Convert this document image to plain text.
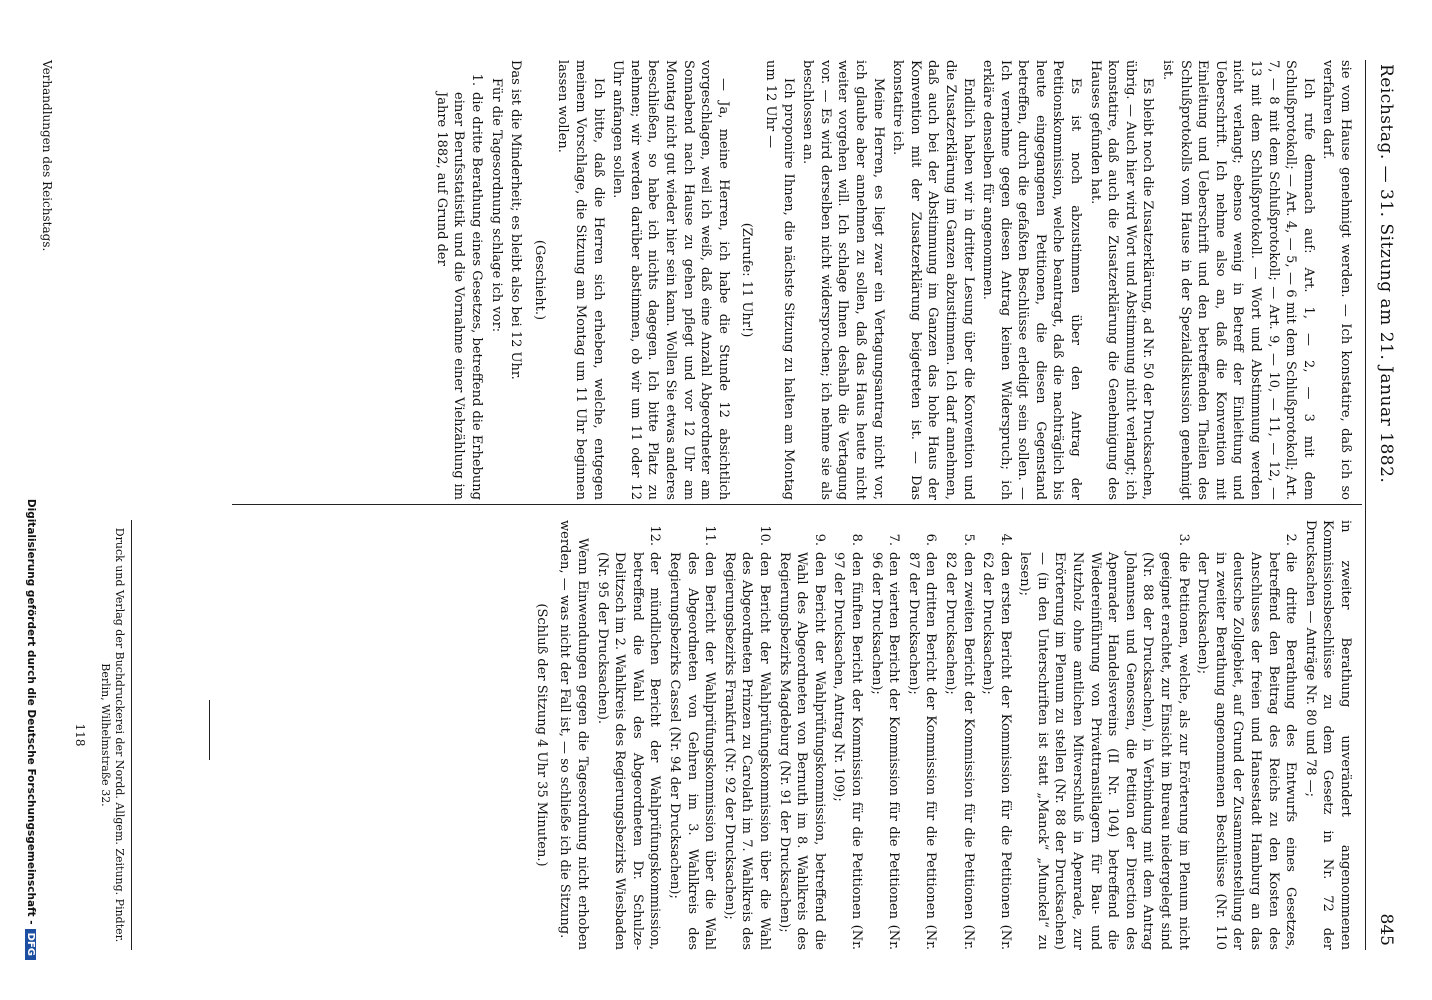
Reichstag. — 31. Sitzung am 21. Januar 1882.
845

sie vom Hause genehmigt werden. — Ich konstatire, daß ich so verfahren darf.

Ich rufe demnach auf: Art. 1, — 2, — 3 mit dem Schlußprotokoll; — Art. 4, — 5, — 6 mit dem Schlußprotokoll; Art. 7, — 8 mit dem Schlußprotokoll; — Art. 9, — 10, — 11, — 12, — 13 mit dem Schlußprotokoll. — Wort und Abstimmung werden nicht verlangt; ebenso wenig in Betreff der Einleitung und Ueberschrift. Ich nehme also an, daß die Konvention mit Einleitung und Ueberschrift und den betreffenden Theilen des Schlußprotokolls vom Hause in der Spezialdiskussion genehmigt ist.

Es bleibt noch die Zusatzerklärung, ad Nr. 50 der Drucksachen, übrig. — Auch hier wird Wort und Abstimmung nicht verlangt; ich konstatire, daß auch die Zusatzerklärung die Genehmigung des Hauses gefunden hat.

Es ist noch abzustimmen über den Antrag der Petitionskommission, welche beantragt, daß die nachträglich bis heute eingegangenen Petitionen, die diesen Gegenstand betreffen, durch die gefaßten Beschlüsse erledigt sein sollen. — Ich vernehme gegen diesen Antrag keinen Widerspruch; ich erkläre denselben für angenommen.

Endlich haben wir in dritter Lesung über die Konvention und die Zusatzerklärung im Ganzen abzustimmen. Ich darf annehmen, daß auch bei der Abstimmung im Ganzen das hohe Haus der Konvention mit der Zusatzerklärung beigetreten ist. — Das konstatire ich.

Meine Herren, es liegt zwar ein Vertagungsantrag nicht vor, ich glaube aber annehmen zu sollen, daß das Haus heute nicht weiter vorgehen will. Ich schlage Ihnen deshalb die Vertagung vor. — Es wird derselben nicht widersprochen; ich nehme sie als beschlossen an.

Ich proponire Ihnen, die nächste Sitzung zu halten am Montag um 12 Uhr —

(Zurufe: 11 Uhr!)

— Ja, meine Herren, ich habe die Stunde 12 absichtlich vorgeschlagen, weil ich weiß, daß eine Anzahl Abgeordneter am Sonnabend nach Hause zu gehen pflegt und vor 12 Uhr am Montag nicht gut wieder hier sein kann. Wollen Sie etwas anderes beschließen, so habe ich nichts dagegen. Ich bitte Platz zu nehmen; wir werden darüber abstimmen, ob wir um 11 oder 12 Uhr anfangen sollen.

Ich bitte, daß die Herren sich erheben, welche, entgegen meinem Vorschlage, die Sitzung am Montag um 11 Uhr beginnen lassen wollen.

(Geschieht.)

Das ist die Minderheit; es bleibt also bei 12 Uhr.

Für die Tagesordnung schlage ich vor:

1.
die dritte Berathung eines Gesetzes, betreffend die Erhebung einer Berufsstatistik und die Vornahme einer Viehzählung im Jahre 1882, auf Grund der

in zweiter Berathung unverändert angenommenen Kommissionsbeschlüsse zu dem Gesetz in Nr. 72 der Drucksachen — Anträge Nr. 80 und 78 —;

2.
die dritte Berathung des Entwurfs eines Gesetzes, betreffend den Beitrag des Reichs zu den Kosten des Anschlusses der freien und Hansestadt Hamburg an das deutsche Zollgebiet, auf Grund der Zusammenstellung der in zweiter Berathung angenommenen Beschlüsse (Nr. 110 der Drucksachen);
3.
die Petitionen, welche, als zur Erörterung im Plenum nicht geeignet erachtet, zur Einsicht im Bureau niedergelegt sind (Nr. 88 der Drucksachen), in Verbindung mit dem Antrag Johannsen und Genossen, die Petition der Direction des Apenrader Handelsvereins (II Nr. 104) betreffend die Wiedereinführung von Privattransitlagern für Bau- und Nutzholz ohne amtlichen Mitverschluß in Apenrade, zur Erörterung im Plenum zu stellen (Nr. 88 der Drucksachen) — (in den Unterschriften ist statt „Manck“ „Munckel“ zu lesen);
4.
den ersten Bericht der Kommission für die Petitionen (Nr. 62 der Drucksachen);
5.
den zweiten Bericht der Kommission für die Petitionen (Nr. 82 der Drucksachen);
6.
den dritten Bericht der Kommission für die Petitionen (Nr. 87 der Drucksachen);
7.
den vierten Bericht der Kommission für die Petitionen (Nr. 96 der Drucksachen);
8.
den fünften Bericht der Kommission für die Petitionen (Nr. 97 der Drucksachen, Antrag Nr. 109);
9.
den Bericht der Wahlprüfungskommission, betreffend die Wahl des Abgeordneten von Bernuth im 8. Wahlkreis des Regierungsbezirks Magdeburg (Nr. 91 der Drucksachen);
10.
den Bericht der Wahlprüfungskommission über die Wahl des Abgeordneten Prinzen zu Carolath im 7. Wahlkreis des Regierungsbezirks Frankfurt (Nr. 92 der Drucksachen);
11.
den Bericht der Wahlprüfungskommission über die Wahl des Abgeordneten von Gehren im 3. Wahlkreis des Regierungsbezirks Cassel (Nr. 94 der Drucksachen);
12.
der mündlichen Bericht der Wahlprüfungskommission, betreffend die Wahl des Abgeordneten Dr. Schulze-Delitzsch im 2. Wahlkreis des Regierungsbezirks Wiesbaden (Nr. 95 der Drucksachen).

Wenn Einwendungen gegen die Tagesordnung nicht erhoben werden, — was nicht der Fall ist, — so schließe ich die Sitzung.

(Schluß der Sitzung 4 Uhr 35 Minuten.)

Druck und Verlag der Buchdruckerei der Nordd. Allgem. Zeitung. Pindter. Berlin, Wilhelmstraße 32.
118
Verhandlungen des Reichstags.
Digitalisierung gefördert durch die Deutsche Forschungsgemeinschaft -DFG
